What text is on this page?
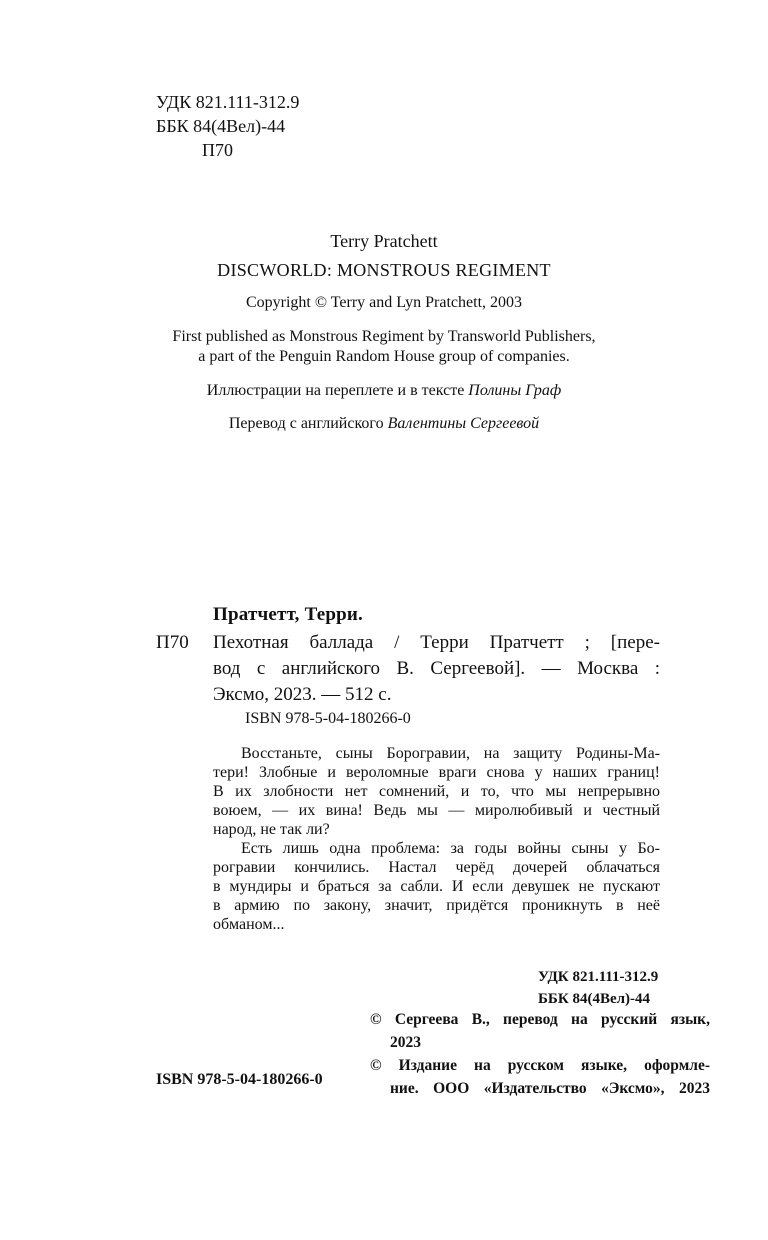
УДК 821.111-312.9
ББК 84(4Вел)-44
П70
Terry Pratchett
DISCWORLD: MONSTROUS REGIMENT
Copyright © Terry and Lyn Pratchett, 2003
First published as Monstrous Regiment by Transworld Publishers,
a part of the Penguin Random House group of companies.
Иллюстрации на переплете и в тексте Полины Граф
Перевод с английского Валентины Сергеевой
Пратчетт, Терри.
П70 Пехотная баллада / Терри Пратчетт ; [пере-
вод с английского В. Сергеевой]. — Москва :
Эксмо, 2023. — 512 с.
ISBN 978-5-04-180266-0
Восстаньте, сыны Борогравии, на защиту Родины-Ма-
тери! Злобные и вероломные враги снова у наших границ!
В их злобности нет сомнений, и то, что мы непрерывно
воюем, — их вина! Ведь мы — миролюбивый и честный
народ, не так ли?
Есть лишь одна проблема: за годы войны сыны у Бо-
рогравии кончились. Настал черёд дочерей облачаться
в мундиры и браться за сабли. И если девушек не пускают
в армию по закону, значит, придётся проникнуть в неё
обманом...
УДК 821.111-312.9
ББК 84(4Вел)-44
ISBN 978-5-04-180266-0
© Сергеева В., перевод на русский язык,
2023
© Издание на русском языке, оформле-
ние. ООО «Издательство «Эксмо», 2023
